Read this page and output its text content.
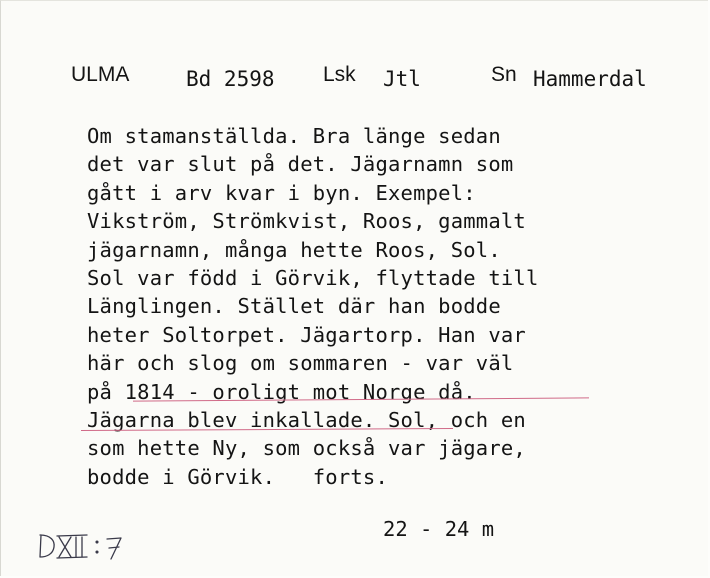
ULMA	Bd 2598 Lsk Jtl	Sn Hammerdal
Om stamanställda. Bra länge sedan
det var slut på det. Jägarnamn som
gått i arv kvar i byn. Exempel:
Vikström, Strömkvist, Roos, gammalt
jägarnamn, många hette Roos, Sol.
Sol var född i Görvik, flyttade till
Länglingen. Stället där han bodde
heter Soltorpet. Jägartorp. Han var
här och slog om sommaren - var väl
på 1814 - oroligt mot Norge då.
Jägarna blev inkallade. Sol, och en
som hette Ny, som också var jägare,
bodde i Görvik.   forts.
22 - 24 m
